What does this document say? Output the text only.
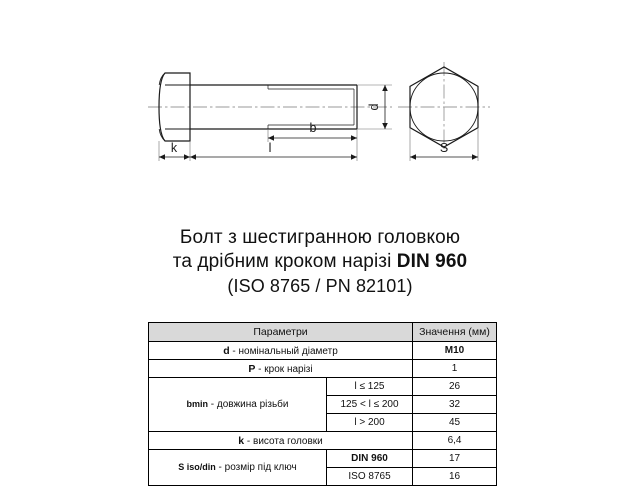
d
b
l
k	S
Болт з шестигранною головкою
та дрібним кроком нарізі DIN 960
(ISO 8765 / PN 82101)
Параметри		Значення (мм)
d - номінальный діаметр		M10
P - крок нарізі		1
bmin - довжина різьби	l ≤ 125	26
	125 < l ≤ 200	32
	l > 200	45
k - висота головки		6,4
S iso/din - розмір під ключ	DIN 960	17
	ISO 8765	16
